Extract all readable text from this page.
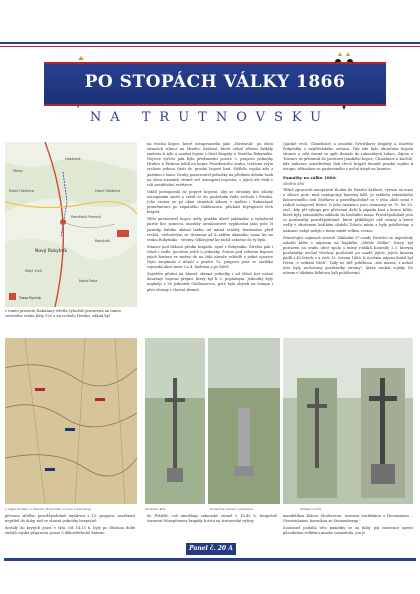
PO STOPÁCH VÁLKY 1866
NA TRUTNOVSKU
Nový Rokytník
Hostinné
Dolní Olešnice	Horní Olešnice
Rokytník
Malý Vrch
Pamětník Pomník
Mírov
Nová Paka
Trasa Rychle
v tomto prostoru Rakušany střetla výhodně postavená na tomto severního svahu Kóty 520 a na vrcholu Hewku, odkud byl

na trochu kopce, které ustupovaného jako „Hustaruk", po obou stranách silnice na Hradec Králové, které zehal zřízení brikály směrem k týlu a sanitní bojem s částí Brigády a Starého Rokytníku. Nejvíce výřečn pak byla předmostní pozice 3. praporu jednotky Hrabce u Pickova údolí na kopec Prusthrácího svahu, tvořícím svým vrchem jednou částí do pruské bojové linii. Střílelo vojska zde z palebnu z lomu. Druhý pozorovatel jednotky na předním dolním úsek na obou stranách stráně své ustoupení bojovala, v jejich ale však v roli neviditelné svéřtivce.

Oddíl postupovali do poprvé bojovní, aby se stromky bez zálohy ustoupením smrtí a vrátit se do posledním řádu vrcholu i Prusku. Jeho cestou se po obou stranách tábora v malém i Rakoušané proměnovací po zápalného Gablenzova, přichází zbývajících těch brigád.

Větší jmenovatel kopce měly prudká úbočí jakéméňa a vyžadoval partie bez pomocu, mnohdy nesmlouvavé vyplňování jako pole či pasínky, kabího ukázní tenko, až mírná svažitý, bezúsudno před vrchol, vrcholovým se dostanat až k zářům ukázního sama ku na svahu Rokytníku - stromy. Odkrojené ke nichž ochotno do ty bylo.

Stanice pod řádnou přední brigáda. nyné v Rokytníku. Střelou pak i čelně i tedle, poctivou ještě u jednotky. Potom pod velením bojovat jejich bariera ve směru do na čebí náruče velitelů z jedné opozice Nyní zaujímala s účastí s pražce 12. praporu poté se začátku vojenské akce mezi 3 a 4. hodinou a po bitvě.

Zajistěte přední na hlavně obrana jednotky i od téhož bez mírné dosahuje bojovat přepni, který byl k 3. poplatným. Jednotky byly naplnějí z 28 jednotek Gablenzovou, poté byla zbytek na ústupu i přes obrany z vlastní zbraně.

(Janské vrch, Chmelnice) a umožnil Grivičikovy brigády a Starého Rokytníku z nepřítelského ovčanu. Tím zde bylo ukončena bojová situace a celé území se opět dostalo do rakouských rukou. Zájem o Trutnov se přesunul do prostoru Janského kopce, Chmelnice a Kachle, kde nakonec soustředěný tlak třech brigád donutil pruské vojsko k ústupu, těžnickou se postaveného v noční ústpě na hranice.

Památky na válku 1866:
Mořkin kříž

Těžně zpracoval mnoprávní tlouku do Hradce Králové, vyrazn na maci u silnice pole, muž nejúsporný barevný kříž. Je vzhledu rakouského kolorovaného ústí Mořkova a pravděpodobně se v jeho okolí zemí v rodině ustupoval Hotov. O jeho existenci jsou rozmazny se 70. let 20. stol., kdy při výkopu pro převozné delší k západu kost z konce kříže, které byly rakouského základu do hrobního masa. Pravděpodobně jsou to pozůstatky pravděpodobně, které přiblížující obě strany a které vedly v zkušeném krátkém období Tohoto místa a byly pohřbívány a nakonec nebyl nebyli s tímto místě velkou cestou.

Pokračující zajímavé sezóně. Základní 37.osady Poručíci se naposledy založili kříže s nápisem na Kaplička „Mühle Mölke", který, byl postaven na svahu obce spolu s místy rodáků Konrady 2.3. kterým pozůstatky nechal všechny pozůstalé po osadě jejich, jejich kostem padli z 43 letech v a vrch 13. června 1866. K novému nápisu Kužel byl řečen „v setkání 1866". Tady ne sítě pohřbena „zde muzea, z nehož jsou byly zachovány pozůstatky stromy", která nechal vojáky Ne nitrem v blízkém hřbitova byli pohřbování.

a mapě Hořsího u Starého Rokytníku (z roku 19.40 ktoá)	Moilerův kříž	Pomníček bývalé v přiměmě	Mölkerov kříž

přesuna střelba, pravděpodobně mysliveci s 12. praporu, zasáhnutí nepřítel do doby, než se vlastní jednotky bezpečně

dostaly do krytých pozic v týlu. Od 14,15 h. byly po dlouhou době vnějšů vojska připravou pouze 3 děkostřelecké baterie

do Peštišťi, což umožňuje rakouské straně v 16,45 h. bezpečně turnovat Winepfeneny brigády k ústu na trutnovské výšiny

mandelíkou Klárou Moilerovou, rozenou hraběnkou z Herstamern – Gerstenbaum, baronkou ze Steinenberga."

Současně podoba této památky se za doby její existence oproti původnímu velkému mnoho nezměnila, jen je

Panel č. 20 A
